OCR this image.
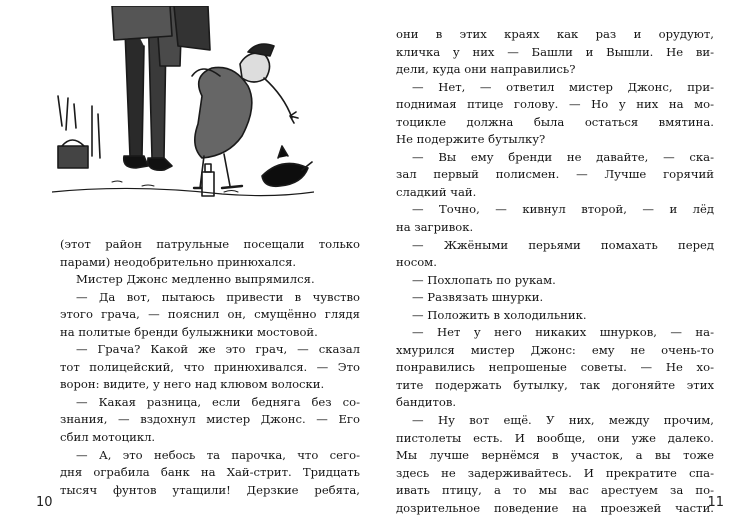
(этот район патрульные посещали только
парами) неодобрительно принюхался.
Мистер Джонс медленно выпрямился.
— Да вот, пытаюсь привести в чувство
этого грача, — пояснил он, смущённо глядя
на политые бренди булыжники мостовой.
— Грача? Какой же это грач, — сказал
тот полицейский, что принюхивался. — Это
ворон: видите, у него над клювом волоски.
— Какая разница, если бедняга без со-
знания, — вздохнул мистер Джонс. — Его
сбил мотоцикл.
— А, это небось та парочка, что сего-
дня ограбила банк на Хай-стрит. Тридцать
тысяч фунтов утащили! Дерзкие ребята,
10
они в этих краях как раз и орудуют,
кличка у них — Башли и Вышли. Не ви-
дели, куда они направились?
— Нет, — ответил мистер Джонс, при-
поднимая птице голову. — Но у них на мо-
тоцикле должна была остаться вмятина.
Не подержите бутылку?
— Вы ему бренди не давайте, — ска-
зал первый полисмен. — Лучше горячий
сладкий чай.
— Точно, — кивнул второй, — и лёд
на загривок.
— Жжёными перьями помахать перед
носом.
— Похлопать по рукам.
— Развязать шнурки.
— Положить в холодильник.
— Нет у него никаких шнурков, — на-
хмурился мистер Джонс: ему не очень-то
понравились непрошеные советы. — Не хо-
тите подержать бутылку, так догоняйте этих
бандитов.
— Ну вот ещё. У них, между прочим,
пистолеты есть. И вообще, они уже далеко.
Мы лучше вернёмся в участок, а вы тоже
здесь не задерживайтесь. И прекратите спа-
ивать птицу, а то мы вас арестуем за по-
дозрительное поведение на проезжей части.
11
